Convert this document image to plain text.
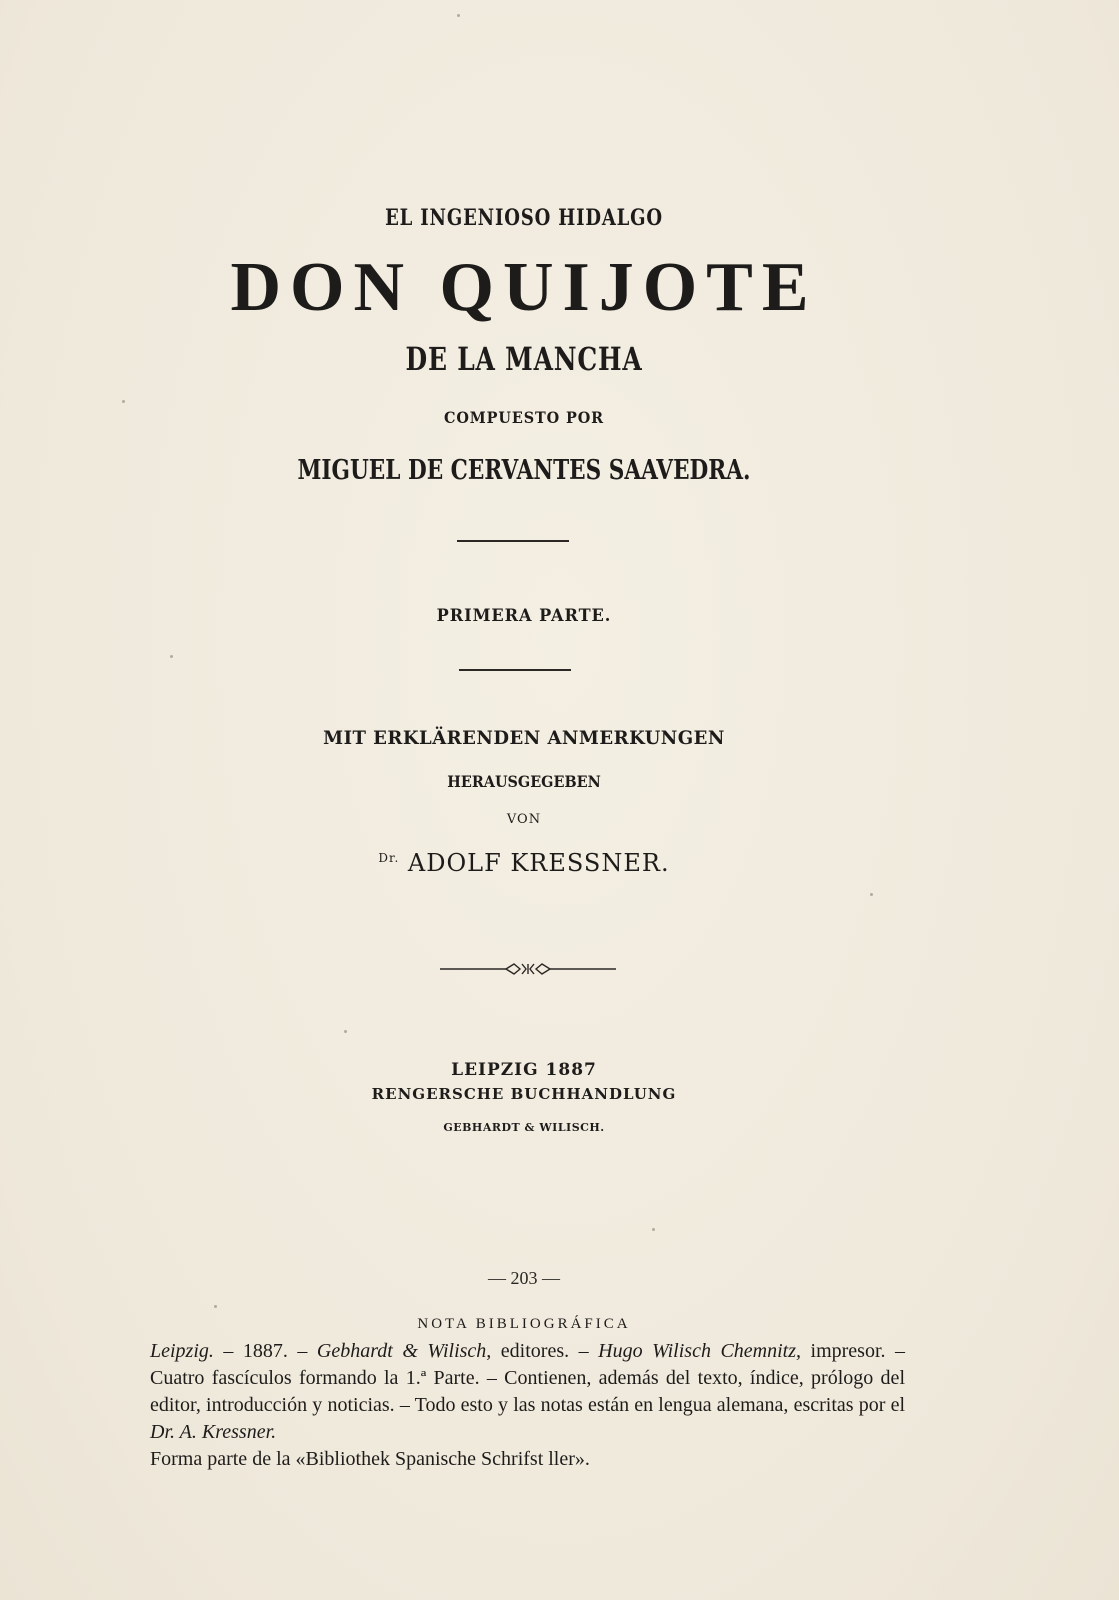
EL INGENIOSO HIDALGO
DON QUIJOTE
DE LA MANCHA
COMPUESTO POR
MIGUEL DE CERVANTES SAAVEDRA.
PRIMERA PARTE.
MIT ERKLÄRENDEN ANMERKUNGEN
HERAUSGEGEBEN
VON
$^{Dr.}$ ADOLF KRESSNER.
LEIPZIG 1887
RENGERSCHE BUCHHANDLUNG
GEBHARDT & WILISCH.
— 203 —
NOTA BIBLIOGRÁFICA

Leipzig. – 1887. – Gebhardt & Wilisch, editores. – Hugo Wilisch Chemnitz, impresor. – Cuatro fascículos formando la 1.ª Parte. – Contienen, además del texto, índice, prólogo del editor, introducción y noticias. – Todo esto y las notas están en lengua alemana, escritas por el Dr. A. Kressner.

Forma parte de la «Bibliothek Spanische Schrifst ller».
